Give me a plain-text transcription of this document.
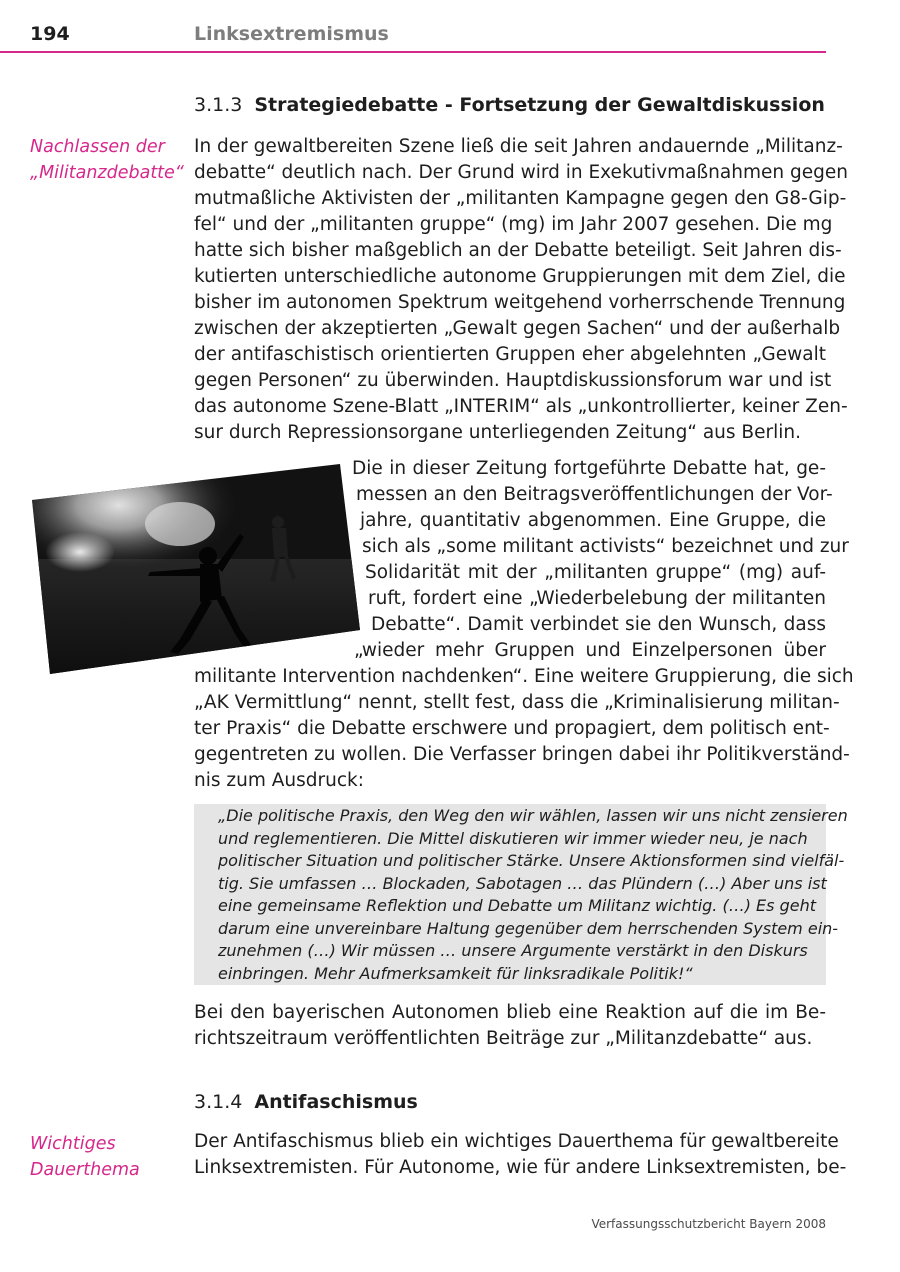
194	Linksextremismus
3.1.3 Strategiedebatte - Fortsetzung der Gewaltdiskussion
Nachlassen der
„Militanzdebatte“
In der gewaltbereiten Szene ließ die seit Jahren andauernde „Militanz-
debatte“ deutlich nach. Der Grund wird in Exekutivmaßnahmen gegen
mutmaßliche Aktivisten der „militanten Kampagne gegen den G8-Gip-
fel“ und der „militanten gruppe“ (mg) im Jahr 2007 gesehen. Die mg
hatte sich bisher maßgeblich an der Debatte beteiligt. Seit Jahren dis-
kutierten unterschiedliche autonome Gruppierungen mit dem Ziel, die
bisher im autonomen Spektrum weitgehend vorherrschende Trennung
zwischen der akzeptierten „Gewalt gegen Sachen“ und der außerhalb
der antifaschistisch orientierten Gruppen eher abgelehnten „Gewalt
gegen Personen“ zu überwinden. Hauptdiskussionsforum war und ist
das autonome Szene-Blatt „INTERIM“ als „unkontrollierter, keiner Zen-
sur durch Repressionsorgane unterliegenden Zeitung“ aus Berlin.
Die in dieser Zeitung fortgeführte Debatte hat, ge-
messen an den Beitragsveröffentlichungen der Vor-
jahre, quantitativ abgenommen. Eine Gruppe, die
sich als „some militant activists“ bezeichnet und zur
Solidarität mit der „militanten gruppe“ (mg) auf-
ruft, fordert eine „Wiederbelebung der militanten
Debatte“. Damit verbindet sie den Wunsch, dass
„wieder mehr Gruppen und Einzelpersonen über
militante Intervention nachdenken“. Eine weitere Gruppierung, die sich
„AK Vermittlung“ nennt, stellt fest, dass die „Kriminalisierung militan-
ter Praxis“ die Debatte erschwere und propagiert, dem politisch ent-
gegentreten zu wollen. Die Verfasser bringen dabei ihr Politikverständ-
nis zum Ausdruck:
„Die politische Praxis, den Weg den wir wählen, lassen wir uns nicht zensieren
und reglementieren. Die Mittel diskutieren wir immer wieder neu, je nach
politischer Situation und politischer Stärke. Unsere Aktionsformen sind vielfäl-
tig. Sie umfassen … Blockaden, Sabotagen … das Plündern (…) Aber uns ist
eine gemeinsame Reflektion und Debatte um Militanz wichtig. (…) Es geht
darum eine unvereinbare Haltung gegenüber dem herrschenden System ein-
zunehmen (…) Wir müssen … unsere Argumente verstärkt in den Diskurs
einbringen. Mehr Aufmerksamkeit für linksradikale Politik!“
Bei den bayerischen Autonomen blieb eine Reaktion auf die im Be-
richtszeitraum veröffentlichten Beiträge zur „Militanzdebatte“ aus.
3.1.4 Antifaschismus
Wichtiges
Dauerthema
Der Antifaschismus blieb ein wichtiges Dauerthema für gewaltbereite
Linksextremisten. Für Autonome, wie für andere Linksextremisten, be-
Verfassungsschutzbericht Bayern 2008
